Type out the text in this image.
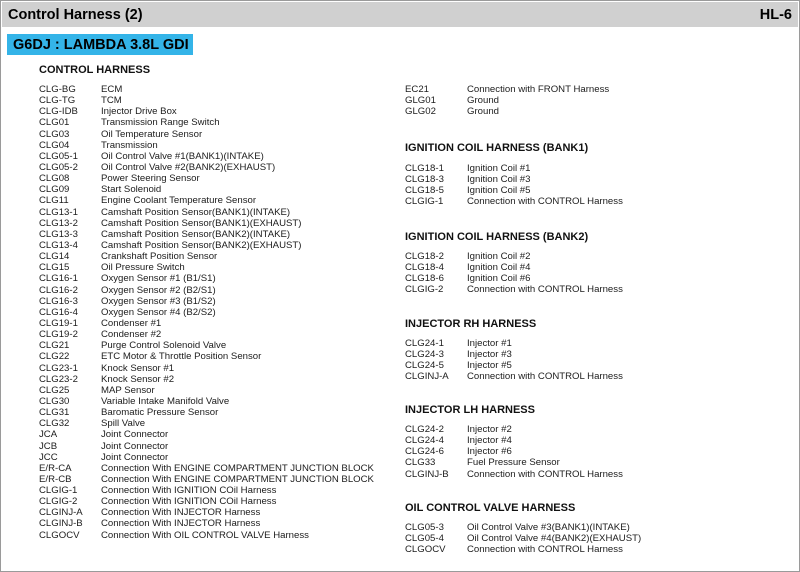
Control Harness (2)	HL-6
G6DJ : LAMBDA 3.8L GDI
CONTROL HARNESS
CLG-BG	ECM
CLG-TG	TCM
CLG-IDB	Injector Drive Box
CLG01	Transmission Range Switch
CLG03	Oil Temperature Sensor
CLG04	Transmission
CLG05-1	Oil Control Valve #1(BANK1)(INTAKE)
CLG05-2	Oil Control Valve #2(BANK2)(EXHAUST)
CLG08	Power Steering Sensor
CLG09	Start Solenoid
CLG11	Engine Coolant Temperature Sensor
CLG13-1	Camshaft Position Sensor(BANK1)(INTAKE)
CLG13-2	Camshaft Position Sensor(BANK1)(EXHAUST)
CLG13-3	Camshaft Position Sensor(BANK2)(INTAKE)
CLG13-4	Camshaft Position Sensor(BANK2)(EXHAUST)
CLG14	Crankshaft Position Sensor
CLG15	Oil Pressure Switch
CLG16-1	Oxygen Sensor #1 (B1/S1)
CLG16-2	Oxygen Sensor #2 (B2/S1)
CLG16-3	Oxygen Sensor #3 (B1/S2)
CLG16-4	Oxygen Sensor #4 (B2/S2)
CLG19-1	Condenser #1
CLG19-2	Condenser #2
CLG21	Purge Control Solenoid Valve
CLG22	ETC Motor & Throttle Position Sensor
CLG23-1	Knock Sensor #1
CLG23-2	Knock Sensor #2
CLG25	MAP Sensor
CLG30	Variable Intake Manifold Valve
CLG31	Baromatic Pressure Sensor
CLG32	Spill Valve
JCA	Joint Connector
JCB	Joint Connector
JCC	Joint Connector
E/R-CA	Connection With ENGINE COMPARTMENT JUNCTION BLOCK
E/R-CB	Connection With ENGINE COMPARTMENT JUNCTION BLOCK
CLGIG-1	Connection With IGNITION COil Harness
CLGIG-2	Connection With IGNITION COil Harness
CLGINJ-A	Connection With INJECTOR Harness
CLGINJ-B	Connection With INJECTOR Harness
CLGOCV	Connection With OIL CONTROL VALVE Harness
EC21	Connection with FRONT Harness
GLG01	Ground
GLG02	Ground
IGNITION COIL HARNESS (BANK1)
CLG18-1	Ignition Coil #1
CLG18-3	Ignition Coil #3
CLG18-5	Ignition Coil #5
CLGIG-1	Connection with CONTROL Harness
IGNITION COIL HARNESS (BANK2)
CLG18-2	Ignition Coil #2
CLG18-4	Ignition Coil #4
CLG18-6	Ignition Coil #6
CLGIG-2	Connection with CONTROL Harness
INJECTOR RH HARNESS
CLG24-1	Injector #1
CLG24-3	Injector #3
CLG24-5	Injector #5
CLGINJ-A	Connection with CONTROL Harness
INJECTOR LH HARNESS
CLG24-2	Injector #2
CLG24-4	Injector #4
CLG24-6	Injector #6
CLG33	Fuel Pressure Sensor
CLGINJ-B	Connection with CONTROL Harness
OIL CONTROL VALVE HARNESS
CLG05-3	Oil Control Valve #3(BANK1)(INTAKE)
CLG05-4	Oil Control Valve #4(BANK2)(EXHAUST)
CLGOCV	Connection with CONTROL Harness
